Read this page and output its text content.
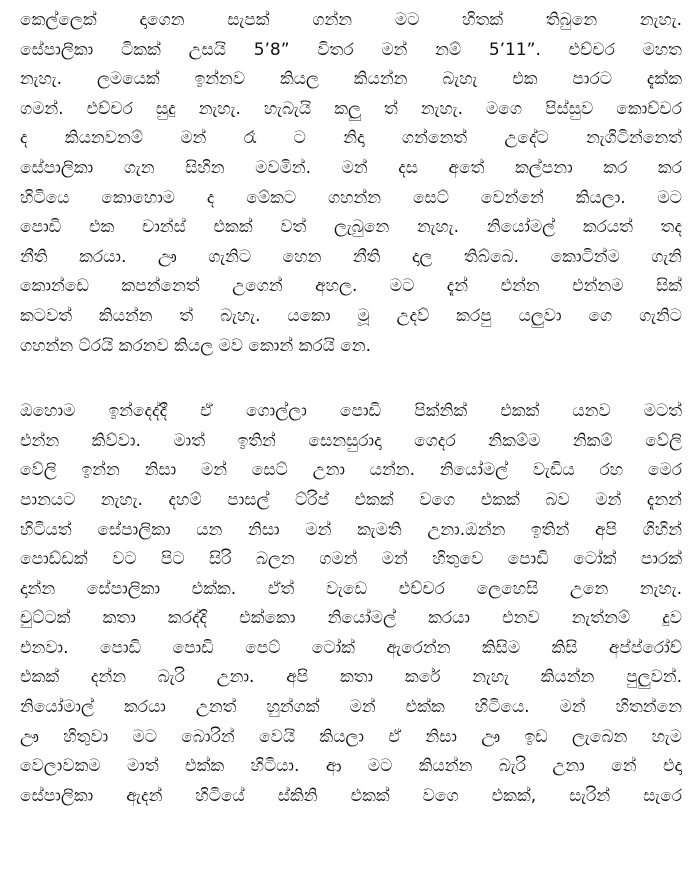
කෙල්ලෙක් දාගෙන සැපක් ගන්න මට හිතක් තිබුනෙ නැහැ.
සේපාලිකා ටිකක් උසයි 5’8” විතර මන් නම් 5’11”. එච්චර මහත
නැහැ. ලමයෙක් ඉන්නව කියල කියන්න බැහැ එක පාරට දැක්ක
ගමන්. එච්චර සුදු නැහැ. හැබැයි කලු ත් නැහැ. මගෙ පිස්සුව කොච්චර
ද කියනවනම් මන් රෑ ට නිදා ගන්නෙත් උදේට නැගිටින්නෙත්
සේපාලිකා ගැන සිහින මවමින්. මන් දස අතේ කල්පනා කර කර
හිටියෙ කොහොම ද මේකට ගහන්න සෙට් වෙන්නේ කියලා. මට
පොඩි එක චාන්ස් එකක් වත් ලැබුනෙ නැහැ. නියෝමල් කරයත් තද
නීති කරයා. ඌ ගැනිට හෙන නීති දාල තිබ්බෙ. කොටින්ම ගැනි
කොන්ඩෙ කපන්නෙත් උගෙන් අහල. මට දැන් එන්න එන්නම සික්
කටවත් කියන්න ත් බැහැ. යකො මූ උදව් කරපු යලුවා ගෙ ගැනිට
ගහන්න ට්රයි කරනව කියල මව කොන් කරයි නෙ.
ඔහොම ඉන්දෙද්දී ඒ ගොල්ලා පොඩි පික්නික් එකක් යනව මටත්
එන්න කිව්වා. මාත් ඉතින් සෙනසුරාදා ගෙදර නිකම්ම නිකම් වේලි
වේලි ඉන්න නිසා මන් සෙට් උනා යන්න. නියෝමල් වැඩිය රහ මෙර
පානයට නැහැ. දහම් පාසල් ට්රිප් එකක් වගෙ එකක් බව මන් දැනන්
හිටියත් සේපාලිකා යන නිසා මන් කැමති උනා.ඔන්න ඉතින් අපි ගිහින්
පොඩ්ඩක් වට පිට සිරි බලන ගමන් මන් හිතුවෙ පොඩි ටෝක් පාරක්
දාන්න සේපාලිකා එක්ක. ඒත් වැඩෙ එච්චර ලෙහෙසි උනෙ නැහැ.
චුට්ටක් කතා කරද්දි එක්කො නියෝමල් කරයා එනව නැත්නම් දුව
එනවා. පොඩි පොඩි පෙට් ටෝක් ඇරෙන්න කිසිම කිසි අප්ප්රෝච්
එකක් දන්න බැරි උනා. අපි කතා කරේ නැහැ කියන්න පුලුවන්.
නියෝමාල් කරයා උනත් හුන්ගක් මන් එක්ක හිටියෙ. මන් හිතන්නෙ
ඌ හිතුවා මට බොරින් වෙයි කියලා ඒ නිසා ඌ ඉඩ ලැබෙන හැම
වෙලාවකම මාත් එක්ක හිටියා. ආ මට කියන්න බැරි උනා නේ එදා
සේපාලිකා ඇදන් හිටියේ ස්කිනි එකක් වගෙ එකක්, සැරින් සැරෙ
